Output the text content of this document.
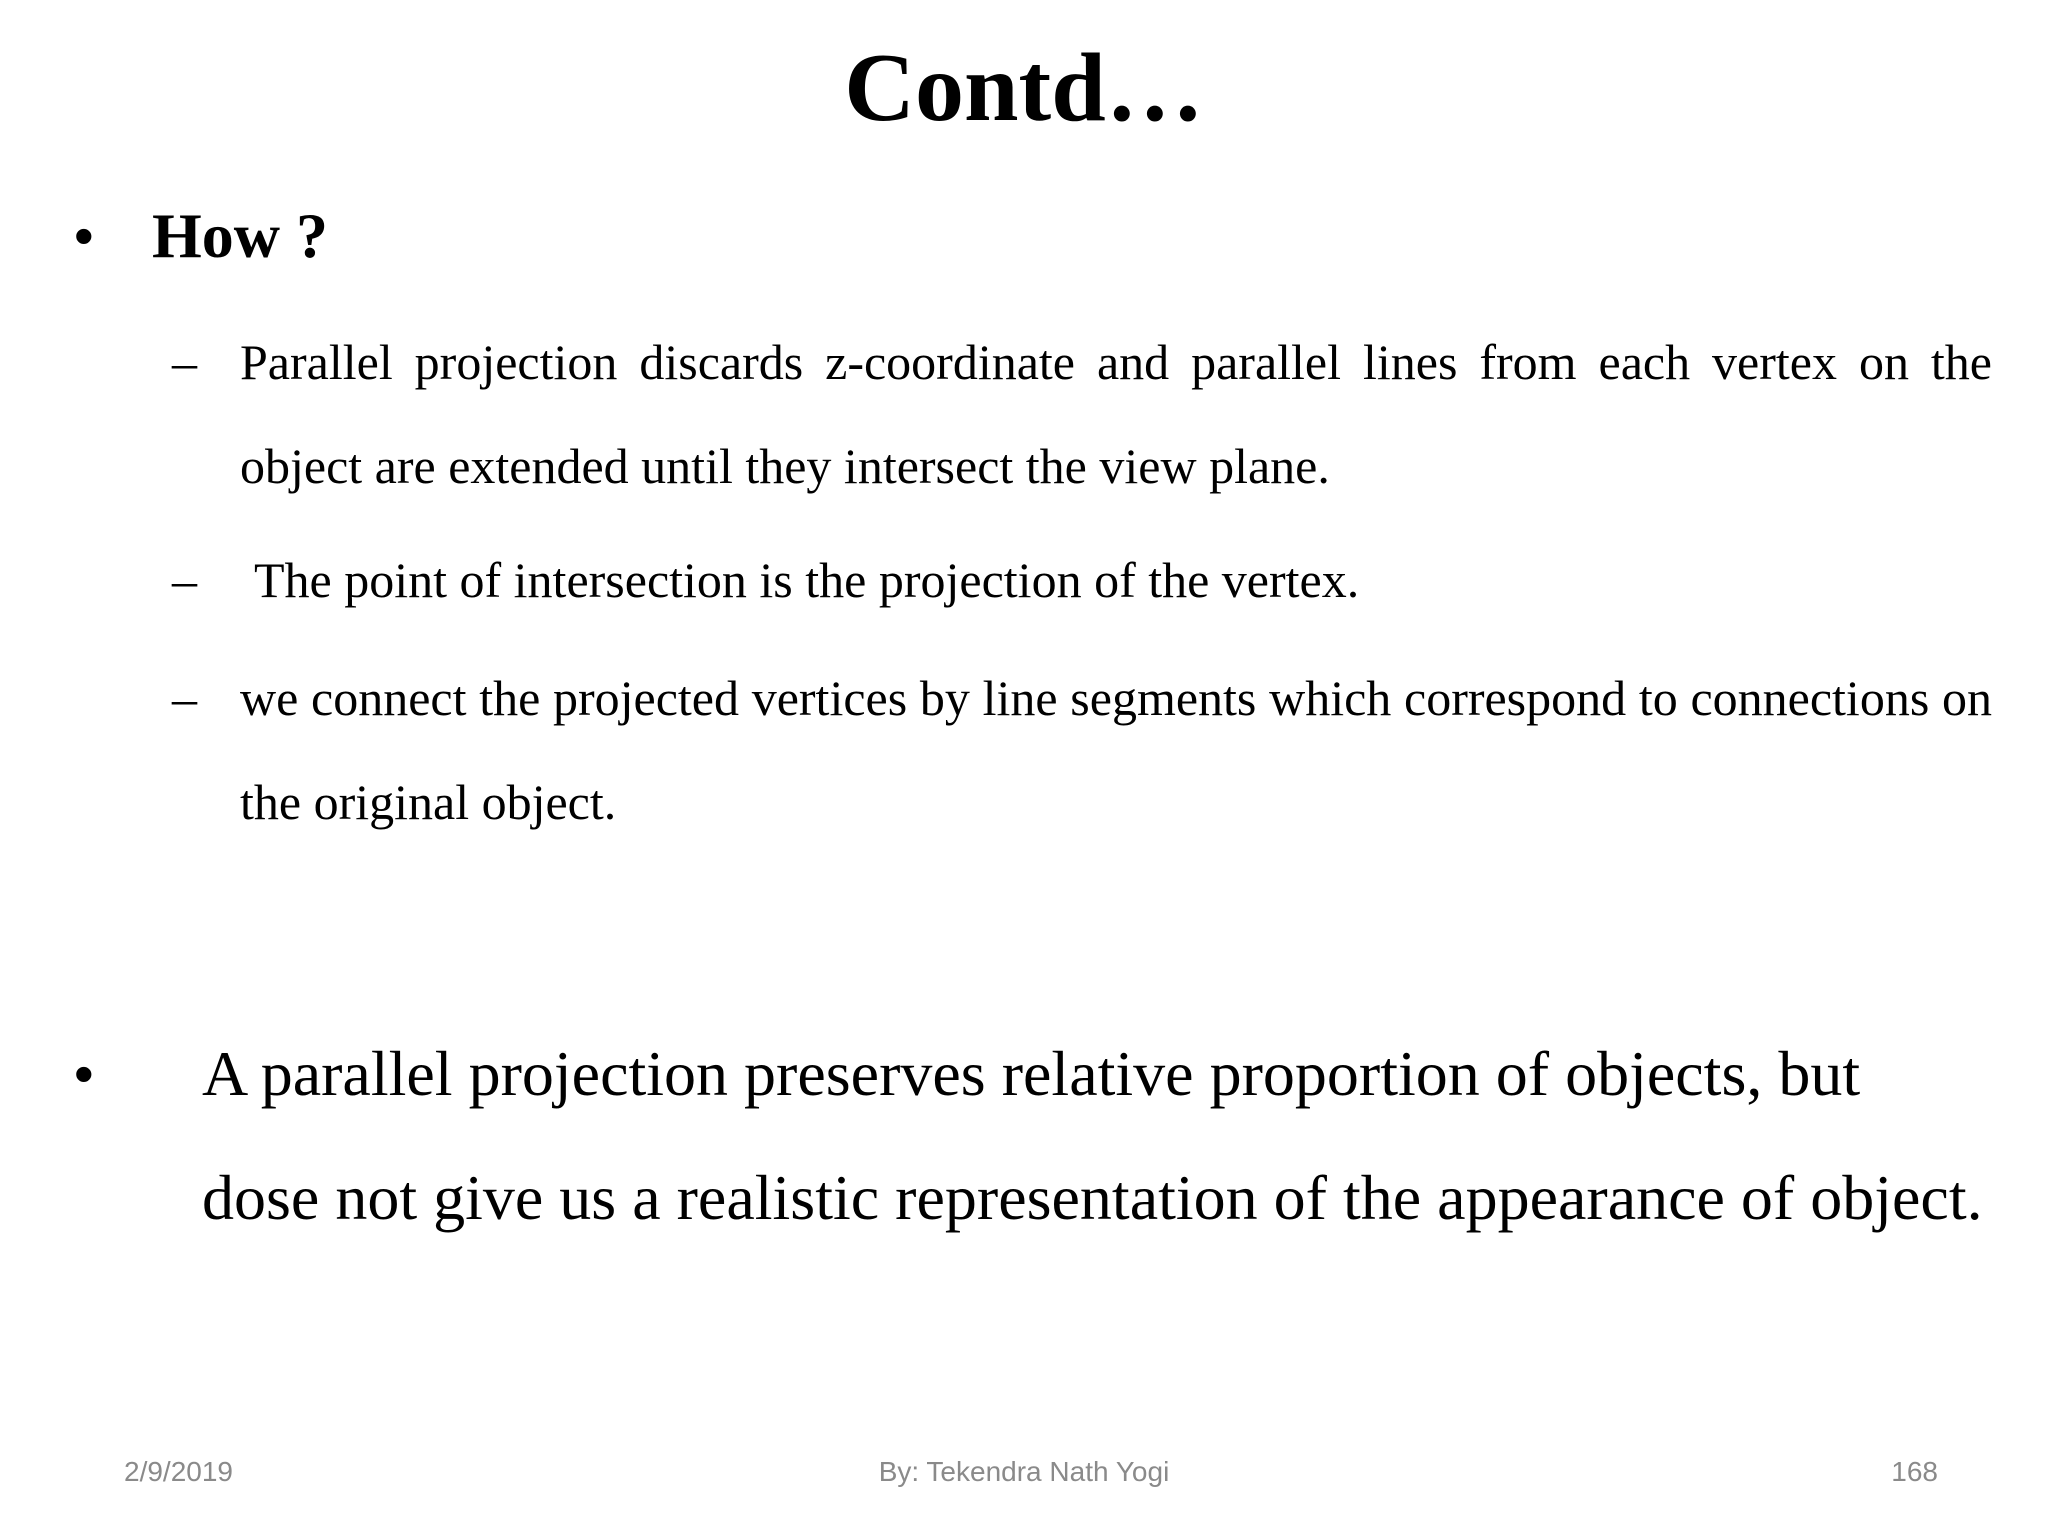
Contd…
• How ?
– Parallel projection discards z-coordinate and parallel lines from each vertex on the object are extended until they intersect the view plane.
– The point of intersection is the projection of the vertex.
– we connect the projected vertices by line segments which correspond to connections on the original object.
• A parallel projection preserves relative proportion of objects, but dose not give us a realistic representation of the appearance of object.
2/9/2019	By: Tekendra Nath Yogi	168
